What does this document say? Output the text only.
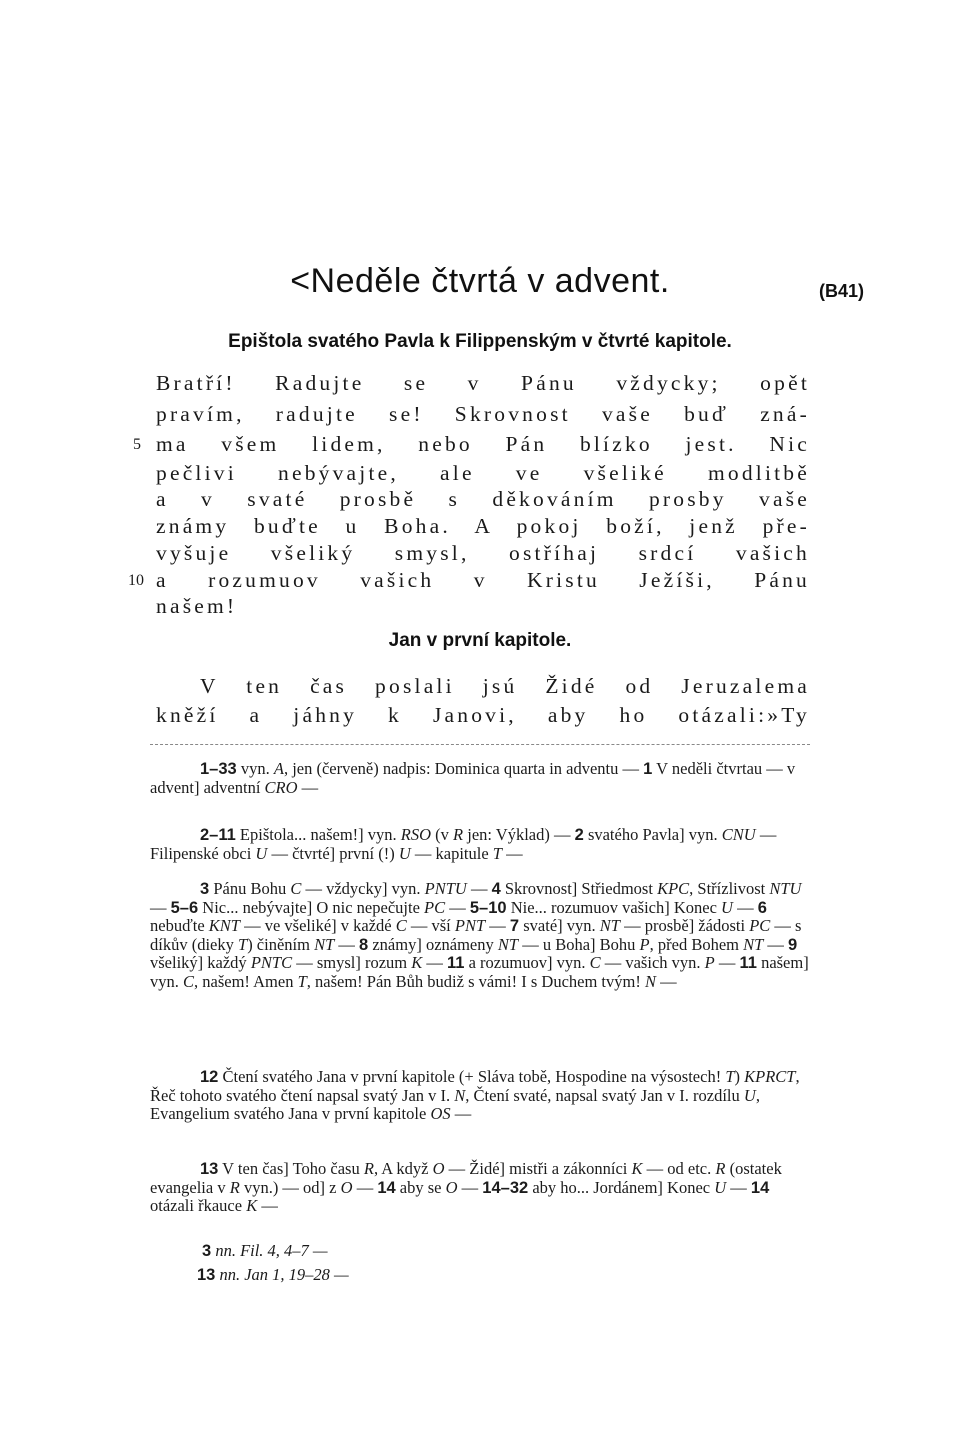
<Neděle čtvrtá v advent.	(B41)
Epištola svatého Pavla k Filippenským v čtvrté kapitole.
Bratří! Radujte se v Pánu vždycky; opět
pravím, radujte se! Skrovnost vaše buď zná-
5 ma všem lidem, nebo Pán blízko jest. Nic
pečlivi nebývajte, ale ve všeliké modlitbě
a v svaté prosbě s děkováním prosby vaše
známy buďte u Boha. A pokoj boží, jenž pře-
vyšuje všeliký smysl, ostříhaj srdcí vašich
10 a rozumuov vašich v Kristu Ježíši, Pánu
našem!
Jan v první kapitole.
V ten čas poslali jsú Židé od Jeruzalema
kněží a jáhny k Janovi, aby ho otázali:»Ty

1–33 vyn. A, jen (červeně) nadpis: Dominica quarta in adventu — 1 V neděli čtvrtau — v advent] adventní CRO —

2–11 Epištola... našem!] vyn. RSO (v R jen: Výklad) — 2 svatého Pavla] vyn. CNU — Filipenské obci U — čtvrté] první (!) U — kapitule T —

3 Pánu Bohu C — vždycky] vyn. PNTU — 4 Skrovnost] Střiedmost KPC, Střízlivost NTU — 5–6 Nic... nebývajte] O nic nepečujte PC — 5–10 Nie... rozumuov vašich] Konec U — 6 nebuďte KNT — ve všeliké] v každé C — vší PNT — 7 svaté] vyn. NT — prosbě] žádosti PC — s díkův (dieky T) činěním NT — 8 známy] oznámeny NT — u Boha] Bohu P, před Bohem NT — 9 všeliký] každý PNTC — smysl] rozum K — 11 a rozumuov] vyn. C — vašich vyn. P — 11 našem] vyn. C, našem! Amen T, našem! Pán Bůh budiž s vámi! I s Duchem tvým! N —

12 Čtení svatého Jana v první kapitole (+ Sláva tobě, Hospodine na výsostech! T) KPRCT, Řeč tohoto svatého čtení napsal svatý Jan v I. N, Čtení svaté, napsal svatý Jan v I. rozdílu U, Evangelium svatého Jana v první kapitole OS —

13 V ten čas] Toho času R, A když O — Židé] mistři a zákonníci K — od etc. R (ostatek evangelia v R vyn.) — od] z O — 14 aby se O — 14–32 aby ho... Jordánem] Konec U — 14 otázali řkauce K —

3 nn. Fil. 4, 4–7 —
13 nn. Jan 1, 19–28 —
